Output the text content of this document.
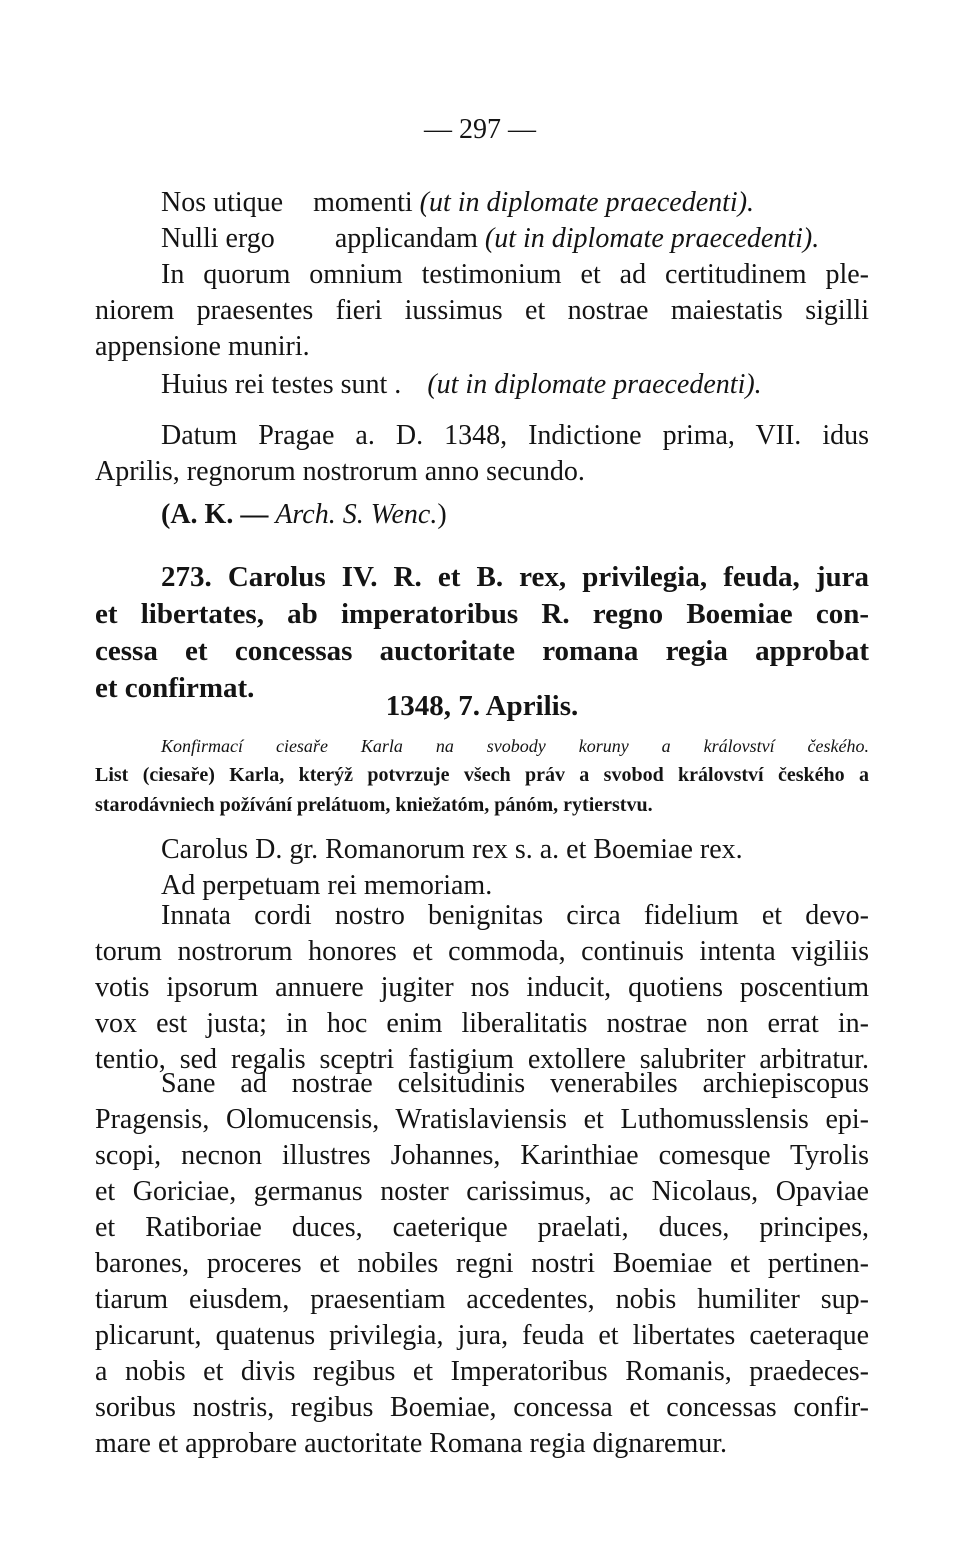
— 297 —
Nos utique momenti (ut in diplomate praecedenti).
Nulli ergo applicandam (ut in diplomate praecedenti).
In quorum omnium testimonium et ad certitudinem ple-
niorem praesentes fieri iussimus et nostrae maiestatis sigilli
appensione muniri.
Huius rei testes sunt . (ut in diplomate praecedenti).
Datum Pragae a. D. 1348, Indictione prima, VII. idus
Aprilis, regnorum nostrorum anno secundo.
(A. K. — Arch. S. Wenc.)
273. Carolus IV. R. et B. rex, privilegia, feuda, jura
et libertates, ab imperatoribus R. regno Boemiae con-
cessa et concessas auctoritate romana regia approbat
et confirmat.
1348, 7. Aprilis.
Konfirmací ciesaře Karla na svobody koruny a království českého.
List (ciesaře) Karla, kterýž potvrzuje všech práv a svobod království českého a
starodávniech požívání prelátuom, kniežatóm, pánóm, rytierstvu.
Carolus D. gr. Romanorum rex s. a. et Boemiae rex.
Ad perpetuam rei memoriam.
Innata cordi nostro benignitas circa fidelium et devo-
torum nostrorum honores et commoda, continuis intenta vigiliis
votis ipsorum annuere jugiter nos inducit, quotiens poscentium
vox est justa; in hoc enim liberalitatis nostrae non errat in-
tentio, sed regalis sceptri fastigium extollere salubriter arbitratur.
Sane ad nostrae celsitudinis venerabiles archiepiscopus
Pragensis, Olomucensis, Wratislaviensis et Luthomusslensis epi-
scopi, necnon illustres Johannes, Karinthiae comesque Tyrolis
et Goriciae, germanus noster carissimus, ac Nicolaus, Opaviae
et Ratiboriae duces, caeterique praelati, duces, principes,
barones, proceres et nobiles regni nostri Boemiae et pertinen-
tiarum eiusdem, praesentiam accedentes, nobis humiliter sup-
plicarunt, quatenus privilegia, jura, feuda et libertates caeteraque
a nobis et divis regibus et Imperatoribus Romanis, praedeces-
soribus nostris, regibus Boemiae, concessa et concessas confir-
mare et approbare auctoritate Romana regia dignaremur.
